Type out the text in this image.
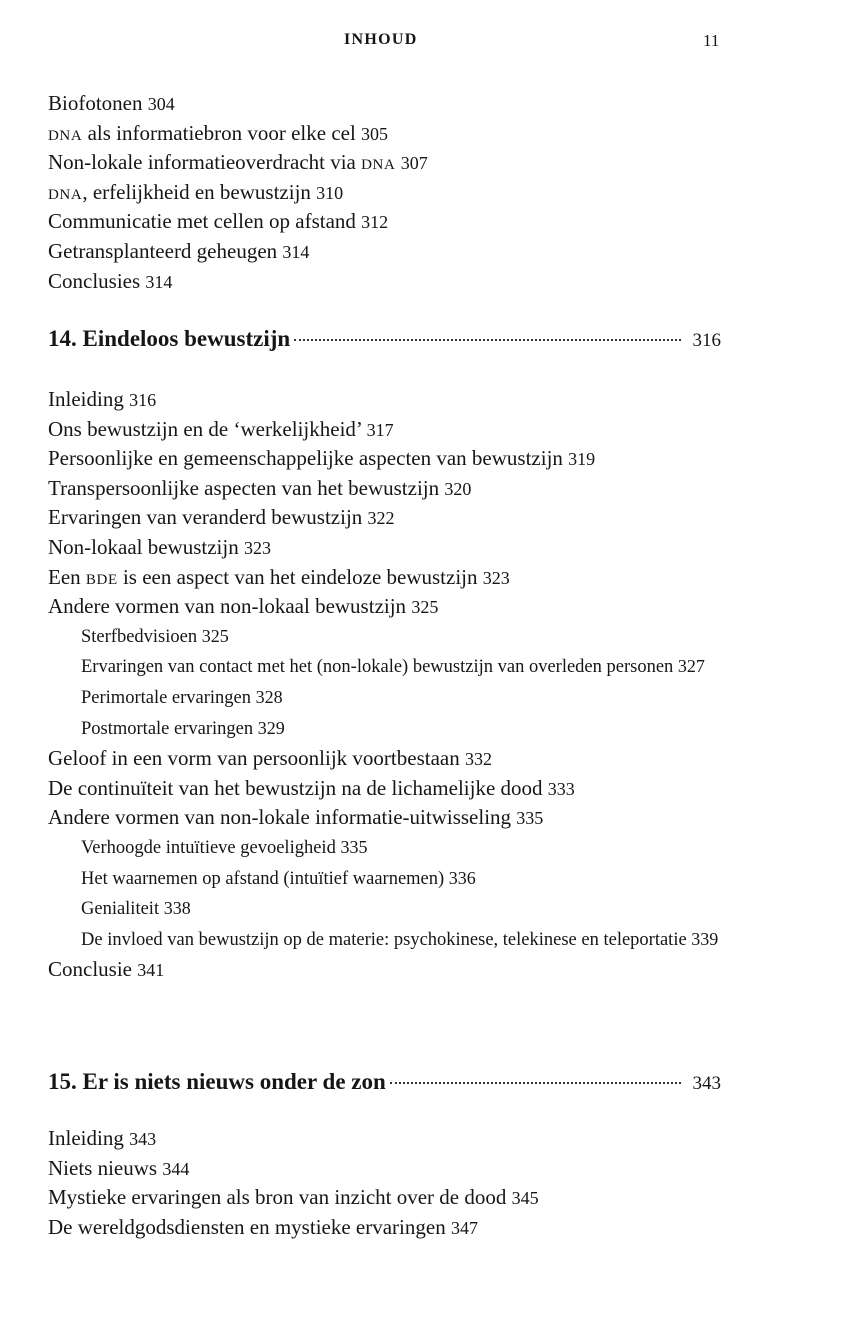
INHOUD	11
Biofotonen 304
DNA als informatiebron voor elke cel 305
Non-lokale informatieoverdracht via DNA 307
DNA, erfelijkheid en bewustzijn 310
Communicatie met cellen op afstand 312
Getransplanteerd geheugen 314
Conclusies 314
14. Eindeloos bewustzijn	316
Inleiding 316
Ons bewustzijn en de ‘werkelijkheid’ 317
Persoonlijke en gemeenschappelijke aspecten van bewustzijn 319
Transpersoonlijke aspecten van het bewustzijn 320
Ervaringen van veranderd bewustzijn 322
Non-lokaal bewustzijn 323
Een BDE is een aspect van het eindeloze bewustzijn 323
Andere vormen van non-lokaal bewustzijn 325
Sterfbedvisioen 325
Ervaringen van contact met het (non-lokale) bewustzijn van overleden personen 327
Perimortale ervaringen 328
Postmortale ervaringen 329
Geloof in een vorm van persoonlijk voortbestaan 332
De continuïteit van het bewustzijn na de lichamelijke dood 333
Andere vormen van non-lokale informatie-uitwisseling 335
Verhoogde intuïtieve gevoeligheid 335
Het waarnemen op afstand (intuïtief waarnemen) 336
Genialiteit 338
De invloed van bewustzijn op de materie: psychokinese, telekinese en teleportatie 339
Conclusie 341
15. Er is niets nieuws onder de zon	343
Inleiding 343
Niets nieuws 344
Mystieke ervaringen als bron van inzicht over de dood 345
De wereldgodsdiensten en mystieke ervaringen 347
